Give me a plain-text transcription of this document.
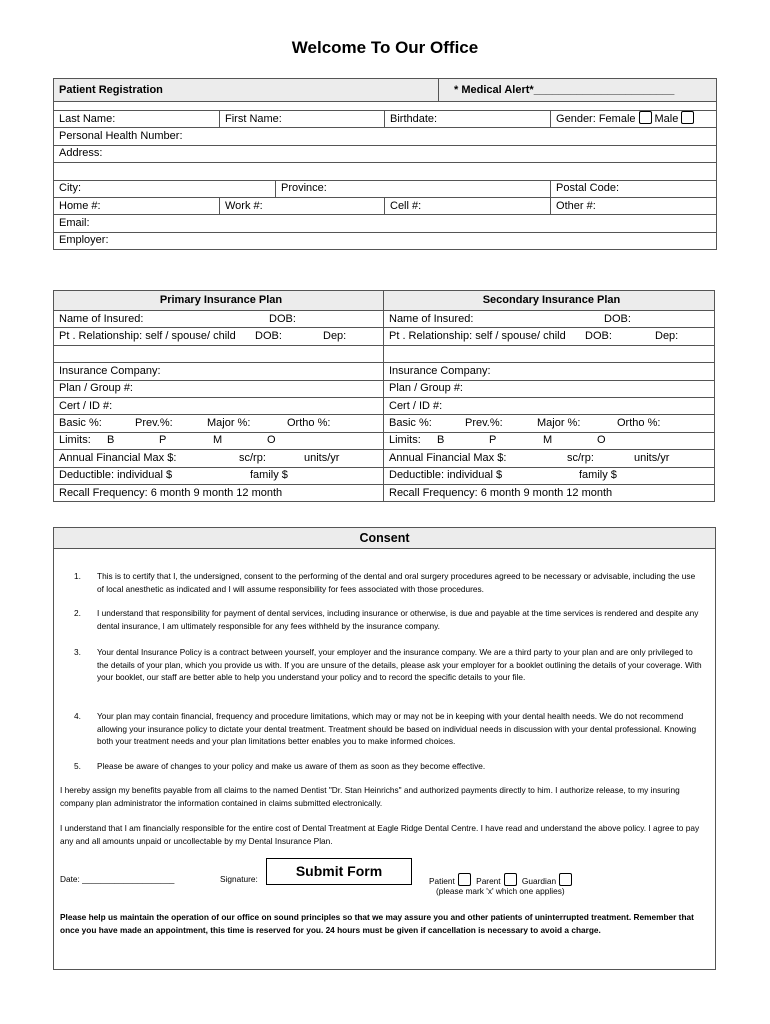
Welcome To Our Office
Patient Registration				* Medical Alert*_______________________	

Last Name:	First Name:		Birthdate:		Gender: Female Male
Personal Health Number:					
Address:					

City:		Province:			Postal Code:
Home #:	Work #:		Cell #:		Other #:
Email:					
Employer:					
Primary Insurance Plan	Secondary Insurance Plan
Name of Insured: DOB:	Name of Insured: DOB:
Pt . Relationship: self / spouse/ child DOB: Dep:	Pt . Relationship: self / spouse/ child DOB: Dep:

Insurance Company:	Insurance Company:
Plan / Group #:	Plan / Group #:
Cert / ID #:	Cert / ID #:
Basic %: Prev.%: Major %: Ortho %:	Basic %: Prev.%: Major %: Ortho %:
Limits: B P M O	Limits: B P M O
Annual Financial Max $: sc/rp: units/yr	Annual Financial Max $: sc/rp: units/yr
Deductible: individual $ family $	Deductible: individual $ family $
Recall Frequency: 6 month 9 month 12 month	Recall Frequency: 6 month 9 month 12 month
Consent
1. This is to certify that I, the undersigned, consent to the performing of the dental and oral surgery procedures agreed to be necessary or advisable, including the use of local anesthetic as indicated and I will assume responsibility for fees associated with those procedures.
2. I understand that responsibility for payment of dental services, including insurance or otherwise, is due and payable at the time services is rendered and despite any dental insurance, I am ultimately responsible for any fees withheld by the insurance company.
3. Your dental Insurance Policy is a contract between yourself, your employer and the insurance company. We are a third party to your plan and are only privileged to the details of your plan, which you provide us with. If you are unsure of the details, please ask your employer for a booklet outlining the details of your coverage. With your booklet, our staff are better able to help you understand your policy and to record the specific details to your file.
4. Your plan may contain financial, frequency and procedure limitations, which may or may not be in keeping with your dental health needs. We do not recommend allowing your insurance policy to dictate your dental treatment. Treatment should be based on individual needs in discussion with your dental professional. Knowing both your treatment needs and your plan limitations better enables you to make informed choices.
5. Please be aware of changes to your policy and make us aware of them as soon as they become effective.
I hereby assign my benefits payable from all claims to the named Dentist "Dr. Stan Heinrichs" and authorized payments directly to him. I authorize release, to my insuring company plan administrator the information contained in claims submitted electronically.
I understand that I am financially responsible for the entire cost of Dental Treatment at Eagle Ridge Dental Centre. I have read and understand the above policy. I agree to pay any and all amounts unpaid or uncollectable by my Dental Insurance Plan.
Date: ____________________	Signature:	Patient	Parent	Guardian
(please mark 'x' which one applies)
Please help us maintain the operation of our office on sound principles so that we may assure you and other patients of uninterrupted treatment. Remember that once you have made an appointment, this time is reserved for you. 24 hours must be given if cancellation is necessary to avoid a charge.
Submit Form
